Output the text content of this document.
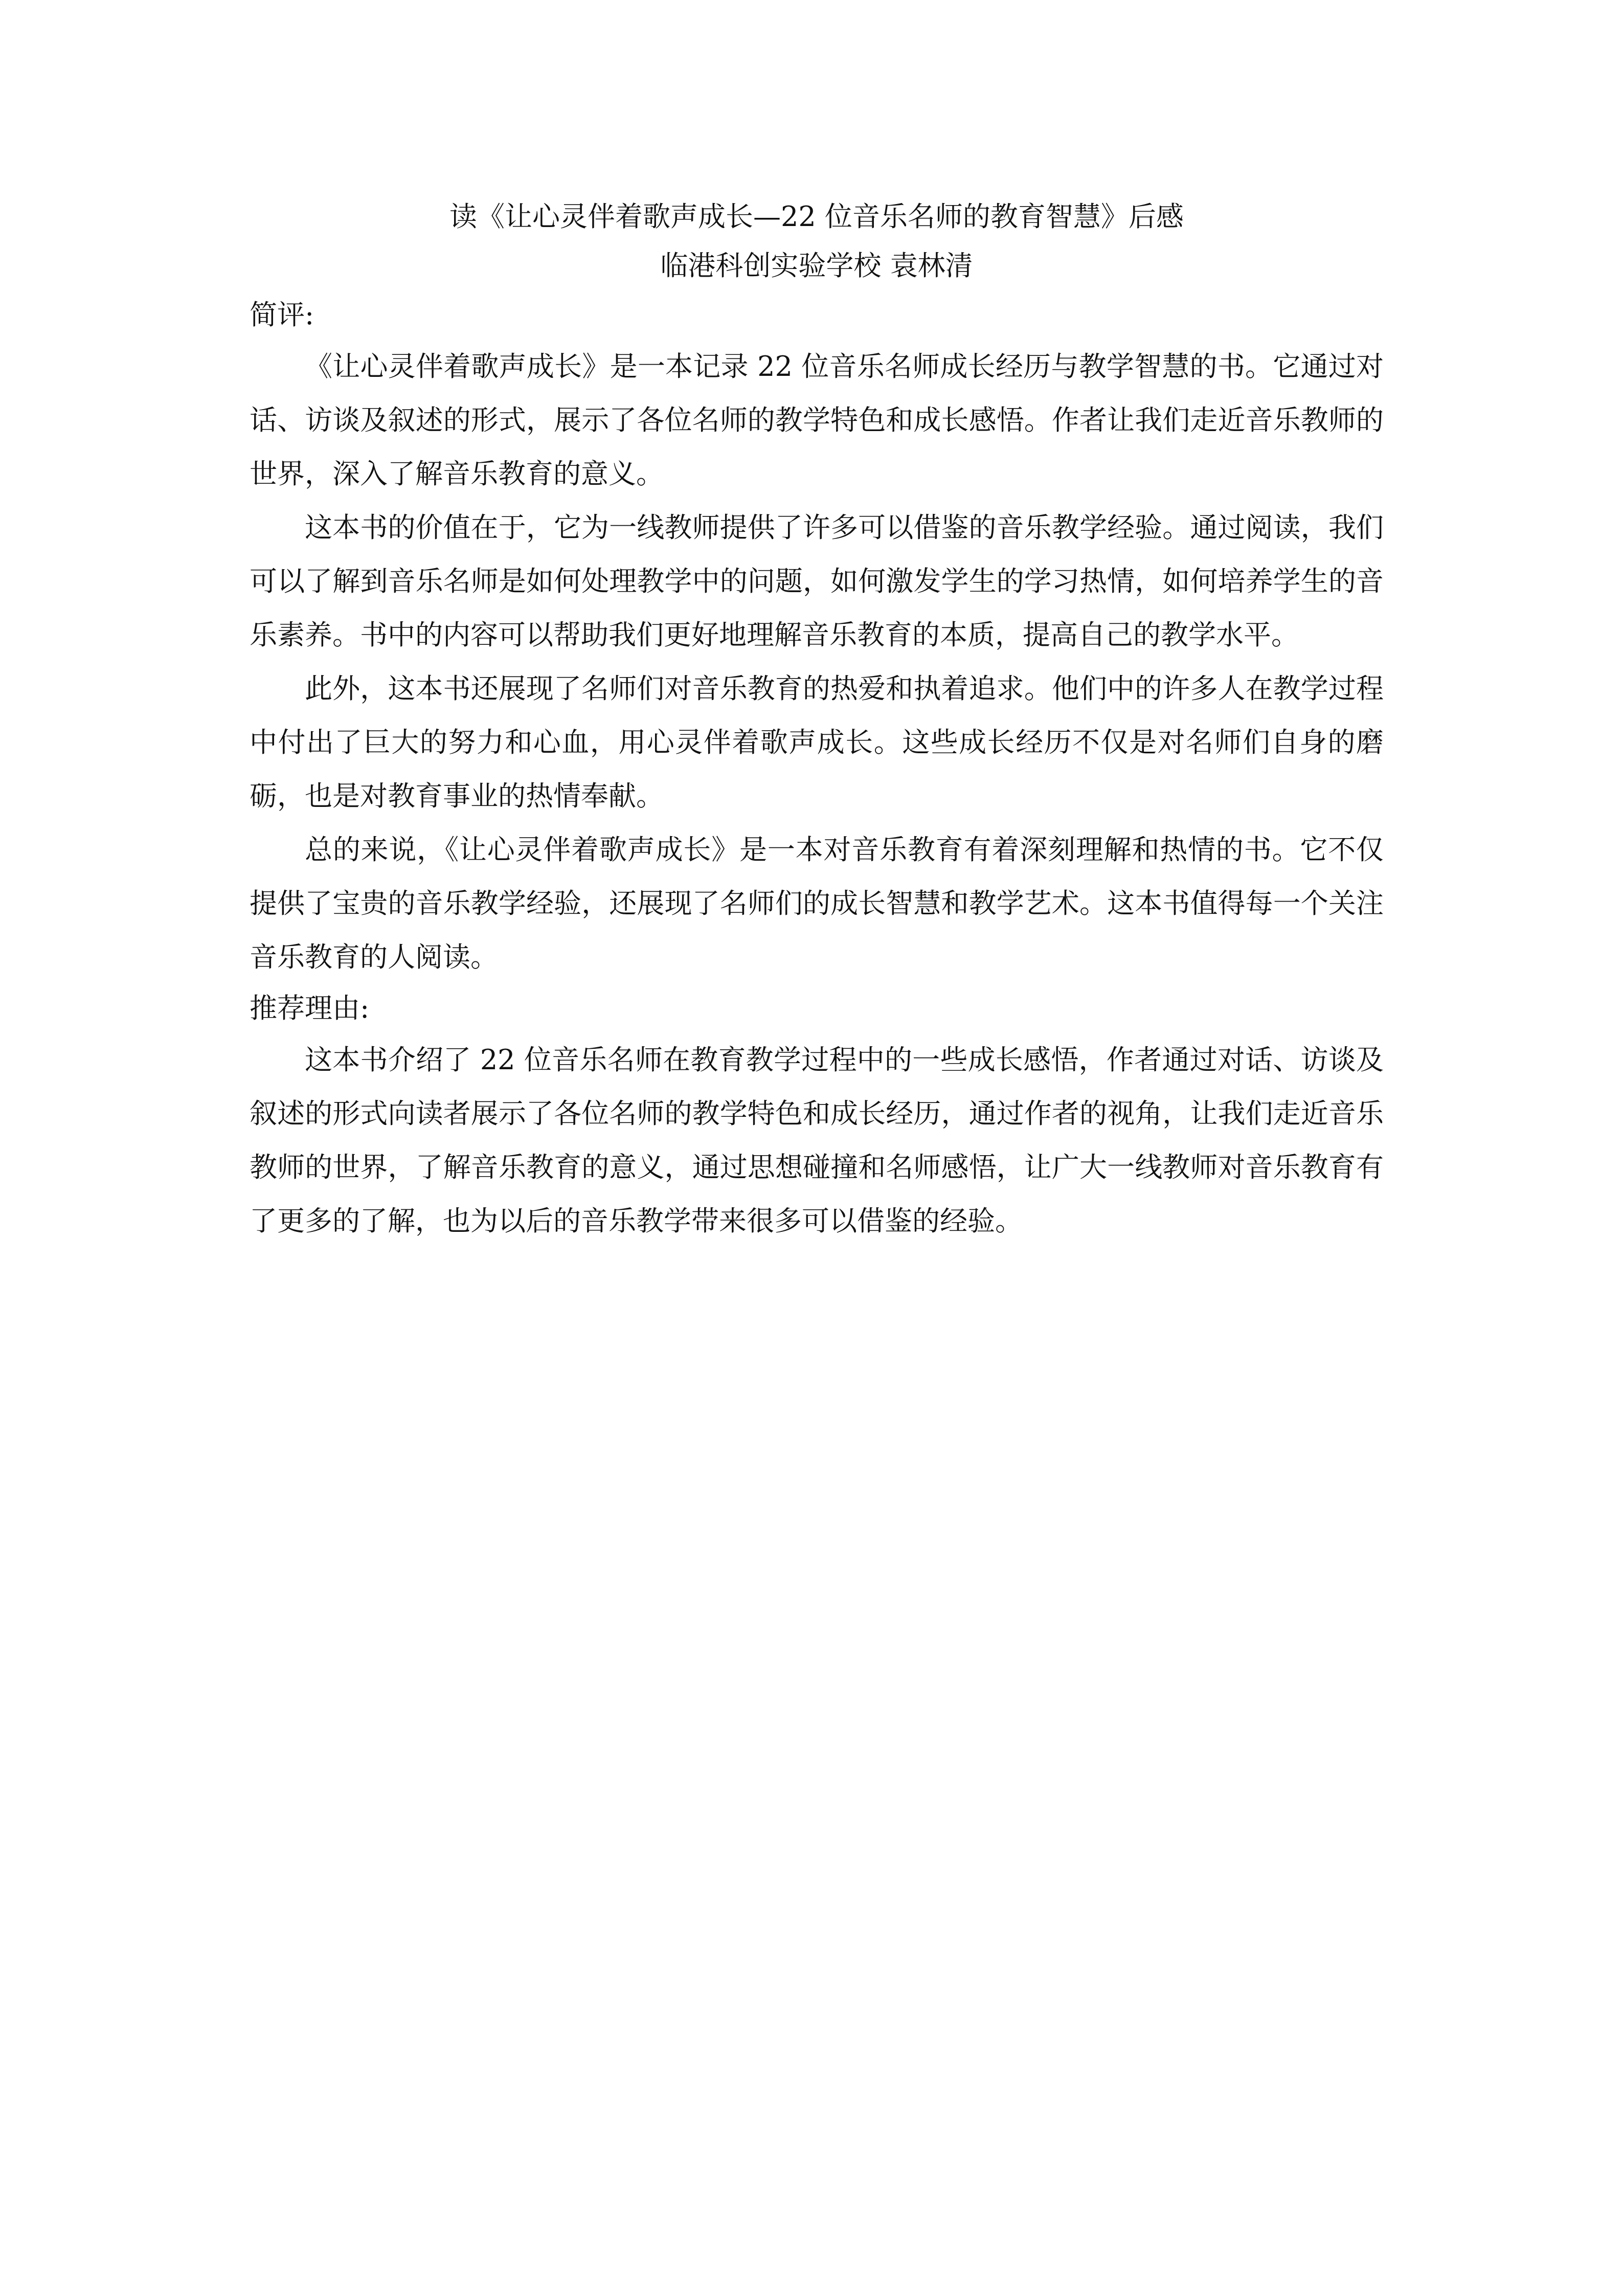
读《让心灵伴着歌声成长—22 位音乐名师的教育智慧》后感
临港科创实验学校 袁林清
简评:

《让心灵伴着歌声成长》是一本记录 22 位音乐名师成长经历与教学智慧的书。它通过对话、访谈及叙述的形式，展示了各位名师的教学特色和成长感悟。作者让我们走近音乐教师的世界，深入了解音乐教育的意义。

这本书的价值在于，它为一线教师提供了许多可以借鉴的音乐教学经验。通过阅读，我们可以了解到音乐名师是如何处理教学中的问题，如何激发学生的学习热情，如何培养学生的音乐素养。书中的内容可以帮助我们更好地理解音乐教育的本质，提高自己的教学水平。

此外，这本书还展现了名师们对音乐教育的热爱和执着追求。他们中的许多人在教学过程中付出了巨大的努力和心血，用心灵伴着歌声成长。这些成长经历不仅是对名师们自身的磨砺，也是对教育事业的热情奉献。

总的来说，《让心灵伴着歌声成长》是一本对音乐教育有着深刻理解和热情的书。它不仅提供了宝贵的音乐教学经验，还展现了名师们的成长智慧和教学艺术。这本书值得每一个关注音乐教育的人阅读。

推荐理由:

这本书介绍了 22 位音乐名师在教育教学过程中的一些成长感悟，作者通过对话、访谈及叙述的形式向读者展示了各位名师的教学特色和成长经历，通过作者的视角，让我们走近音乐教师的世界，了解音乐教育的意义，通过思想碰撞和名师感悟，让广大一线教师对音乐教育有了更多的了解，也为以后的音乐教学带来很多可以借鉴的经验。
